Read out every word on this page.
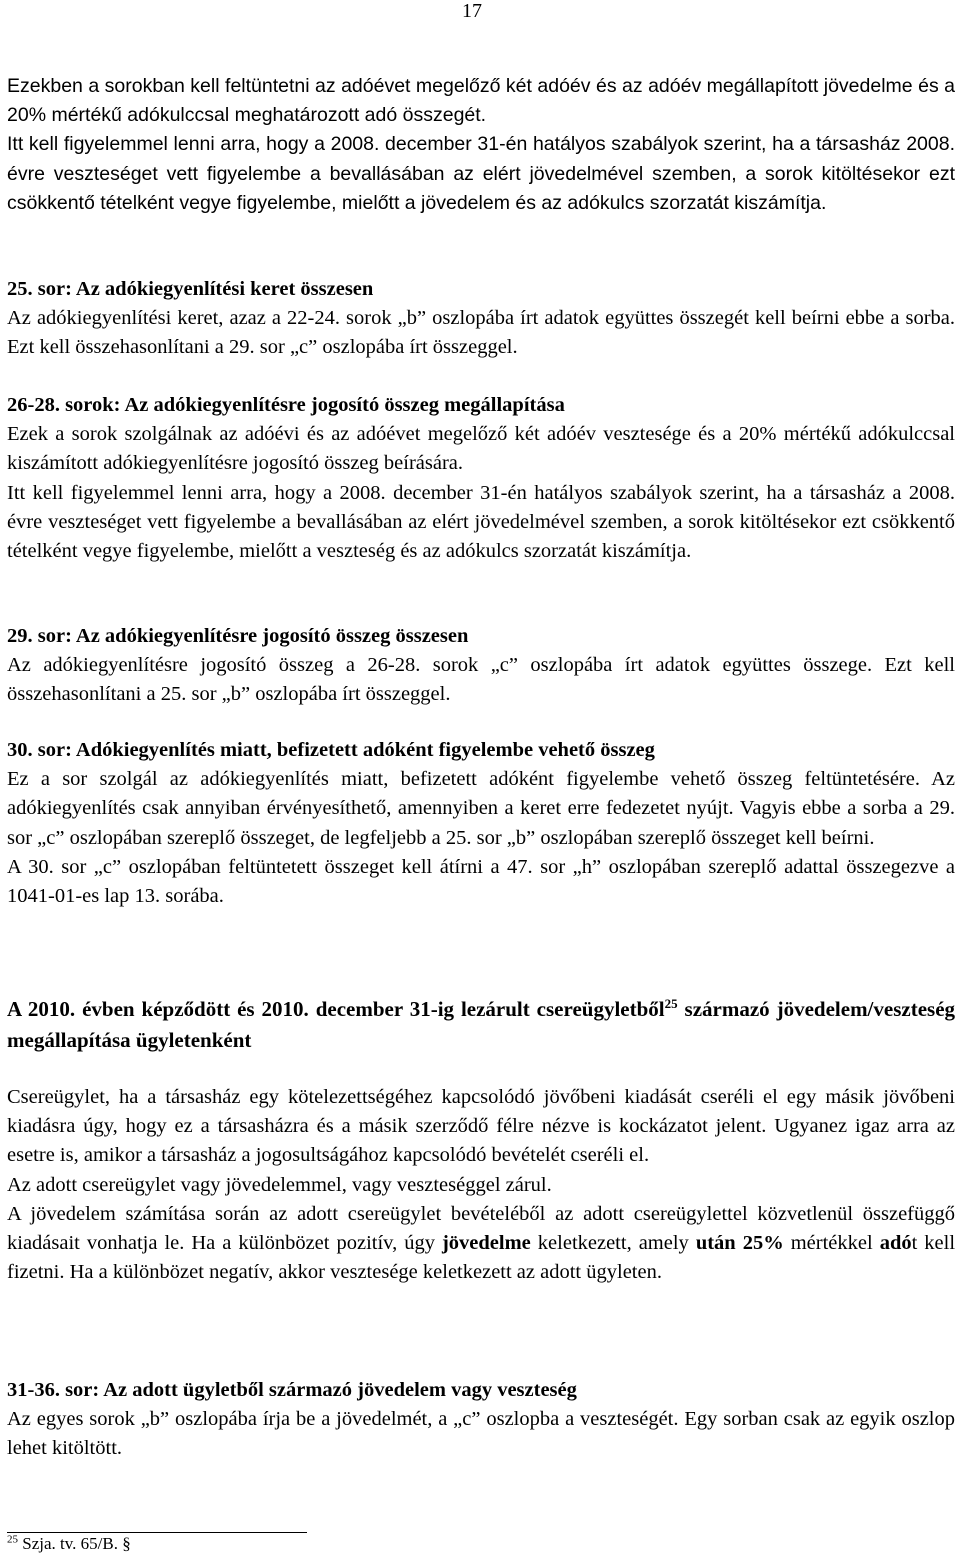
17

Ezekben a sorokban kell feltüntetni az adóévet megelőző két adóév és az adóév megállapított jövedelme és a 20% mértékű adókulccsal meghatározott adó összegét.

Itt kell figyelemmel lenni arra, hogy a 2008. december 31-én hatályos szabályok szerint, ha a társasház 2008. évre veszteséget vett figyelembe a bevallásában az elért jövedelmével szemben, a sorok kitöltésekor ezt csökkentő tételként vegye figyelembe, mielőtt a jövedelem és az adókulcs szorzatát kiszámítja.

25. sor: Az adókiegyenlítési keret összesen

Az adókiegyenlítési keret, azaz a 22-24. sorok „b” oszlopába írt adatok együttes összegét kell beírni ebbe a sorba. Ezt kell összehasonlítani a 29. sor „c” oszlopába írt összeggel.

26-28. sorok: Az adókiegyenlítésre jogosító összeg megállapítása

Ezek a sorok szolgálnak az adóévi és az adóévet megelőző két adóév vesztesége és a 20% mértékű adókulccsal kiszámított adókiegyenlítésre jogosító összeg beírására.

Itt kell figyelemmel lenni arra, hogy a 2008. december 31-én hatályos szabályok szerint, ha a társasház a 2008. évre veszteséget vett figyelembe a bevallásában az elért jövedelmével szemben, a sorok kitöltésekor ezt csökkentő tételként vegye figyelembe, mielőtt a veszteség és az adókulcs szorzatát kiszámítja.

29. sor: Az adókiegyenlítésre jogosító összeg összesen

Az adókiegyenlítésre jogosító összeg a 26-28. sorok „c” oszlopába írt adatok együttes összege. Ezt kell összehasonlítani a 25. sor „b” oszlopába írt összeggel.

30. sor: Adókiegyenlítés miatt, befizetett adóként figyelembe vehető összeg

Ez a sor szolgál az adókiegyenlítés miatt, befizetett adóként figyelembe vehető összeg feltüntetésére. Az adókiegyenlítés csak annyiban érvényesíthető, amennyiben a keret erre fedezetet nyújt. Vagyis ebbe a sorba a 29. sor „c” oszlopában szereplő összeget, de legfeljebb a 25. sor „b” oszlopában szereplő összeget kell beírni.

A 30. sor „c” oszlopában feltüntetett összeget kell átírni a 47. sor „h” oszlopában szereplő adattal összegezve a 1041-01-es lap 13. sorába.

A 2010. évben képződött és 2010. december 31-ig lezárult csereügyletből$^{25}$ származó jövedelem/veszteség megállapítása ügyletenként

Csereügylet, ha a társasház egy kötelezettségéhez kapcsolódó jövőbeni kiadását cseréli el egy másik jövőbeni kiadásra úgy, hogy ez a társasházra és a másik szerződő félre nézve is kockázatot jelent. Ugyanez igaz arra az esetre is, amikor a társasház a jogosultságához kapcsolódó bevételét cseréli el.

Az adott csereügylet vagy jövedelemmel, vagy veszteséggel zárul.

A jövedelem számítása során az adott csereügylet bevételéből az adott csereügylettel közvetlenül összefüggő kiadásait vonhatja le. Ha a különbözet pozitív, úgy jövedelme keletkezett, amely után 25% mértékkel adót kell fizetni. Ha a különbözet negatív, akkor vesztesége keletkezett az adott ügyleten.

31-36. sor: Az adott ügyletből származó jövedelem vagy veszteség

Az egyes sorok „b” oszlopába írja be a jövedelmét, a „c” oszlopba a veszteségét. Egy sorban csak az egyik oszlop lehet kitöltött.

$^{25}$ Szja. tv. 65/B. §
